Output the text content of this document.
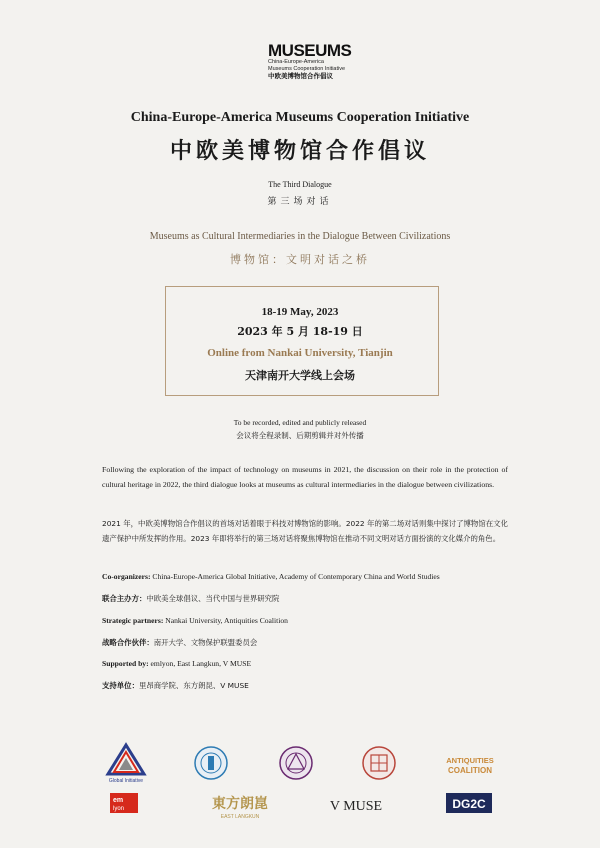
MUSEUMS
China-Europe-America
Museums Cooperation Initiative
中欧美博物馆合作倡议
China-Europe-America Museums Cooperation Initiative
中欧美博物馆合作倡议
The Third Dialogue
第三场对话
Museums as Cultural Intermediaries in the Dialogue Between Civilizations
博物馆：文明对话之桥
18-19 May, 2023
2023 年 5 月 18-19 日
Online from Nankai University, Tianjin
天津南开大学线上会场
To be recorded, edited and publicly released
会议将全程录制、后期剪辑并对外传播
Following the exploration of the impact of technology on museums in 2021, the discussion on their role in the protection of cultural heritage in 2022, the third dialogue looks at museums as cultural intermediaries in the dialogue between civilizations.
2021 年，中欧美博物馆合作倡议的首场对话着眼于科技对博物馆的影响。2022 年的第二场对话则集中探讨了博物馆在文化遗产保护中所发挥的作用。2023 年即将举行的第三场对话将聚焦博物馆在推动不同文明对话方面扮演的文化媒介的角色。
Co-organizers: China-Europe-America Global Initiative, Academy of Contemporary China and World Studies
联合主办方：中欧美全球倡议、当代中国与世界研究院
Strategic partners: Nankai University, Antiquities Coalition
战略合作伙伴：南开大学、文物保护联盟委员会
Supported by: emlyon, East Langkun, V MUSE
支持单位：里昂商学院、东方朗昆、V MUSE
Global Initiative
ANTIQUITIES
COALITION
em
lyon	東方朗崑
EAST LANGKUN
V MUSE	DG2C
